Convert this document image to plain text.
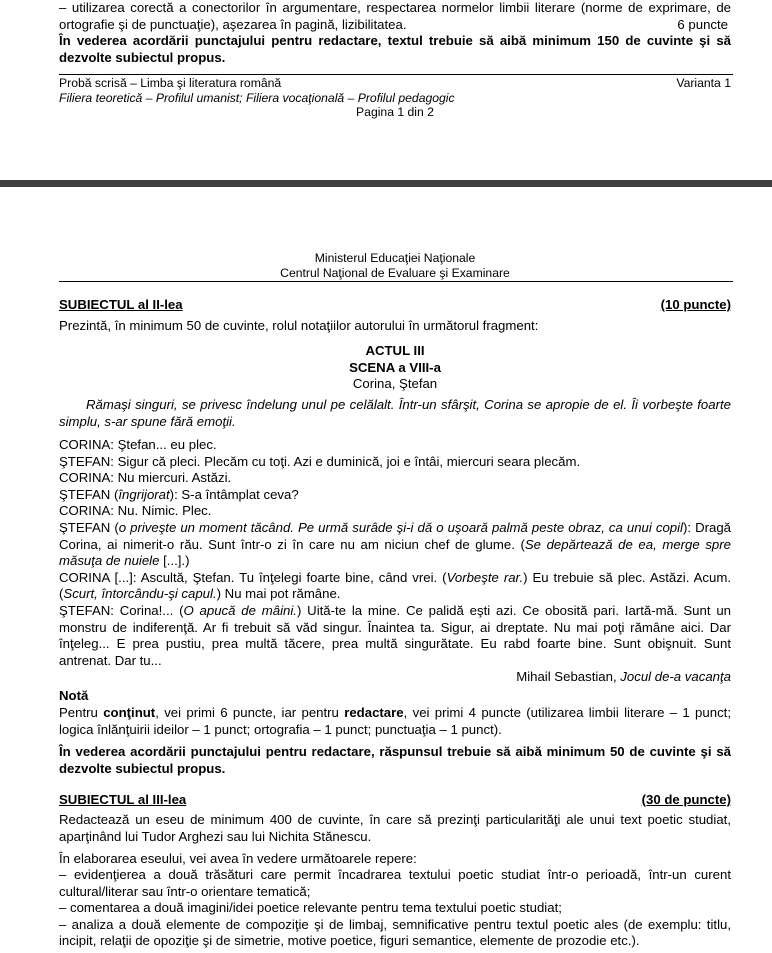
– utilizarea corectă a conectorilor în argumentare, respectarea normelor limbii literare (norme de exprimare, de ortografie şi de punctuaţie), aşezarea în pagină, lizibilitatea.	6 puncte

În vederea acordării punctajului pentru redactare, textul trebuie să aibă minimum 150 de cuvinte şi să dezvolte subiectul propus.
Probă scrisă – Limba şi literatura română	Varianta 1
Filiera teoretică – Profilul umanist; Filiera vocaţională – Profilul pedagogic
Pagina 1 din 2
Ministerul Educaţiei Naţionale
Centrul Naţional de Evaluare şi Examinare
SUBIECTUL al II-lea	(10 puncte)
Prezintă, în minimum 50 de cuvinte, rolul notaţiilor autorului în următorul fragment:
ACTUL III
SCENA a VIII-a
Corina, Ştefan
Rămaşi singuri, se privesc îndelung unul pe celălalt. Într-un sfârşit, Corina se apropie de el. Îi vorbeşte foarte simplu, s-ar spune fără emoţii.

CORINA: Ştefan... eu plec.

ŞTEFAN: Sigur că pleci. Plecăm cu toţi. Azi e duminică, joi e întâi, miercuri seara plecăm.

CORINA: Nu miercuri. Astăzi.

ŞTEFAN (îngrijorat): S-a întâmplat ceva?

CORINA: Nu. Nimic. Plec.

ŞTEFAN (o priveşte un moment tăcând. Pe urmă surâde şi-i dă o uşoară palmă peste obraz, ca unui copil): Dragă Corina, ai nimerit-o rău. Sunt într-o zi în care nu am niciun chef de glume. (Se depărtează de ea, merge spre măsuţa de nuiele [...].)

CORINA [...]: Ascultă, Ştefan. Tu înţelegi foarte bine, când vrei. (Vorbeşte rar.) Eu trebuie să plec. Astăzi. Acum. (Scurt, întorcându-şi capul.) Nu mai pot rămâne.

ŞTEFAN: Corina!... (O apucă de mâini.) Uită-te la mine. Ce palidă eşti azi. Ce obosită pari. Iartă-mă. Sunt un monstru de indiferenţă. Ar fi trebuit să văd singur. Înaintea ta. Sigur, ai dreptate. Nu mai poţi rămâne aici. Dar înţeleg... E prea pustiu, prea multă tăcere, prea multă singurătate. Eu rabd foarte bine. Sunt obişnuit. Sunt antrenat. Dar tu...

Mihail Sebastian, Jocul de-a vacanţa

Notă
Pentru conţinut, vei primi 6 puncte, iar pentru redactare, vei primi 4 puncte (utilizarea limbii literare – 1 punct; logica înlănţuirii ideilor – 1 punct; ortografia – 1 punct; punctuaţia – 1 punct).
În vederea acordării punctajului pentru redactare, răspunsul trebuie să aibă minimum 50 de cuvinte şi să dezvolte subiectul propus.
SUBIECTUL al III-lea	(30 de puncte)
Redactează un eseu de minimum 400 de cuvinte, în care să prezinţi particularităţi ale unui text poetic studiat, aparţinând lui Tudor Arghezi sau lui Nichita Stănescu.
În elaborarea eseului, vei avea în vedere următoarele repere:

– evidenţierea a două trăsături care permit încadrarea textului poetic studiat într-o perioadă, într-un curent cultural/literar sau într-o orientare tematică;

– comentarea a două imagini/idei poetice relevante pentru tema textului poetic studiat;

– analiza a două elemente de compoziţie şi de limbaj, semnificative pentru textul poetic ales (de exemplu: titlu, incipit, relaţii de opoziţie şi de simetrie, motive poetice, figuri semantice, elemente de prozodie etc.).
